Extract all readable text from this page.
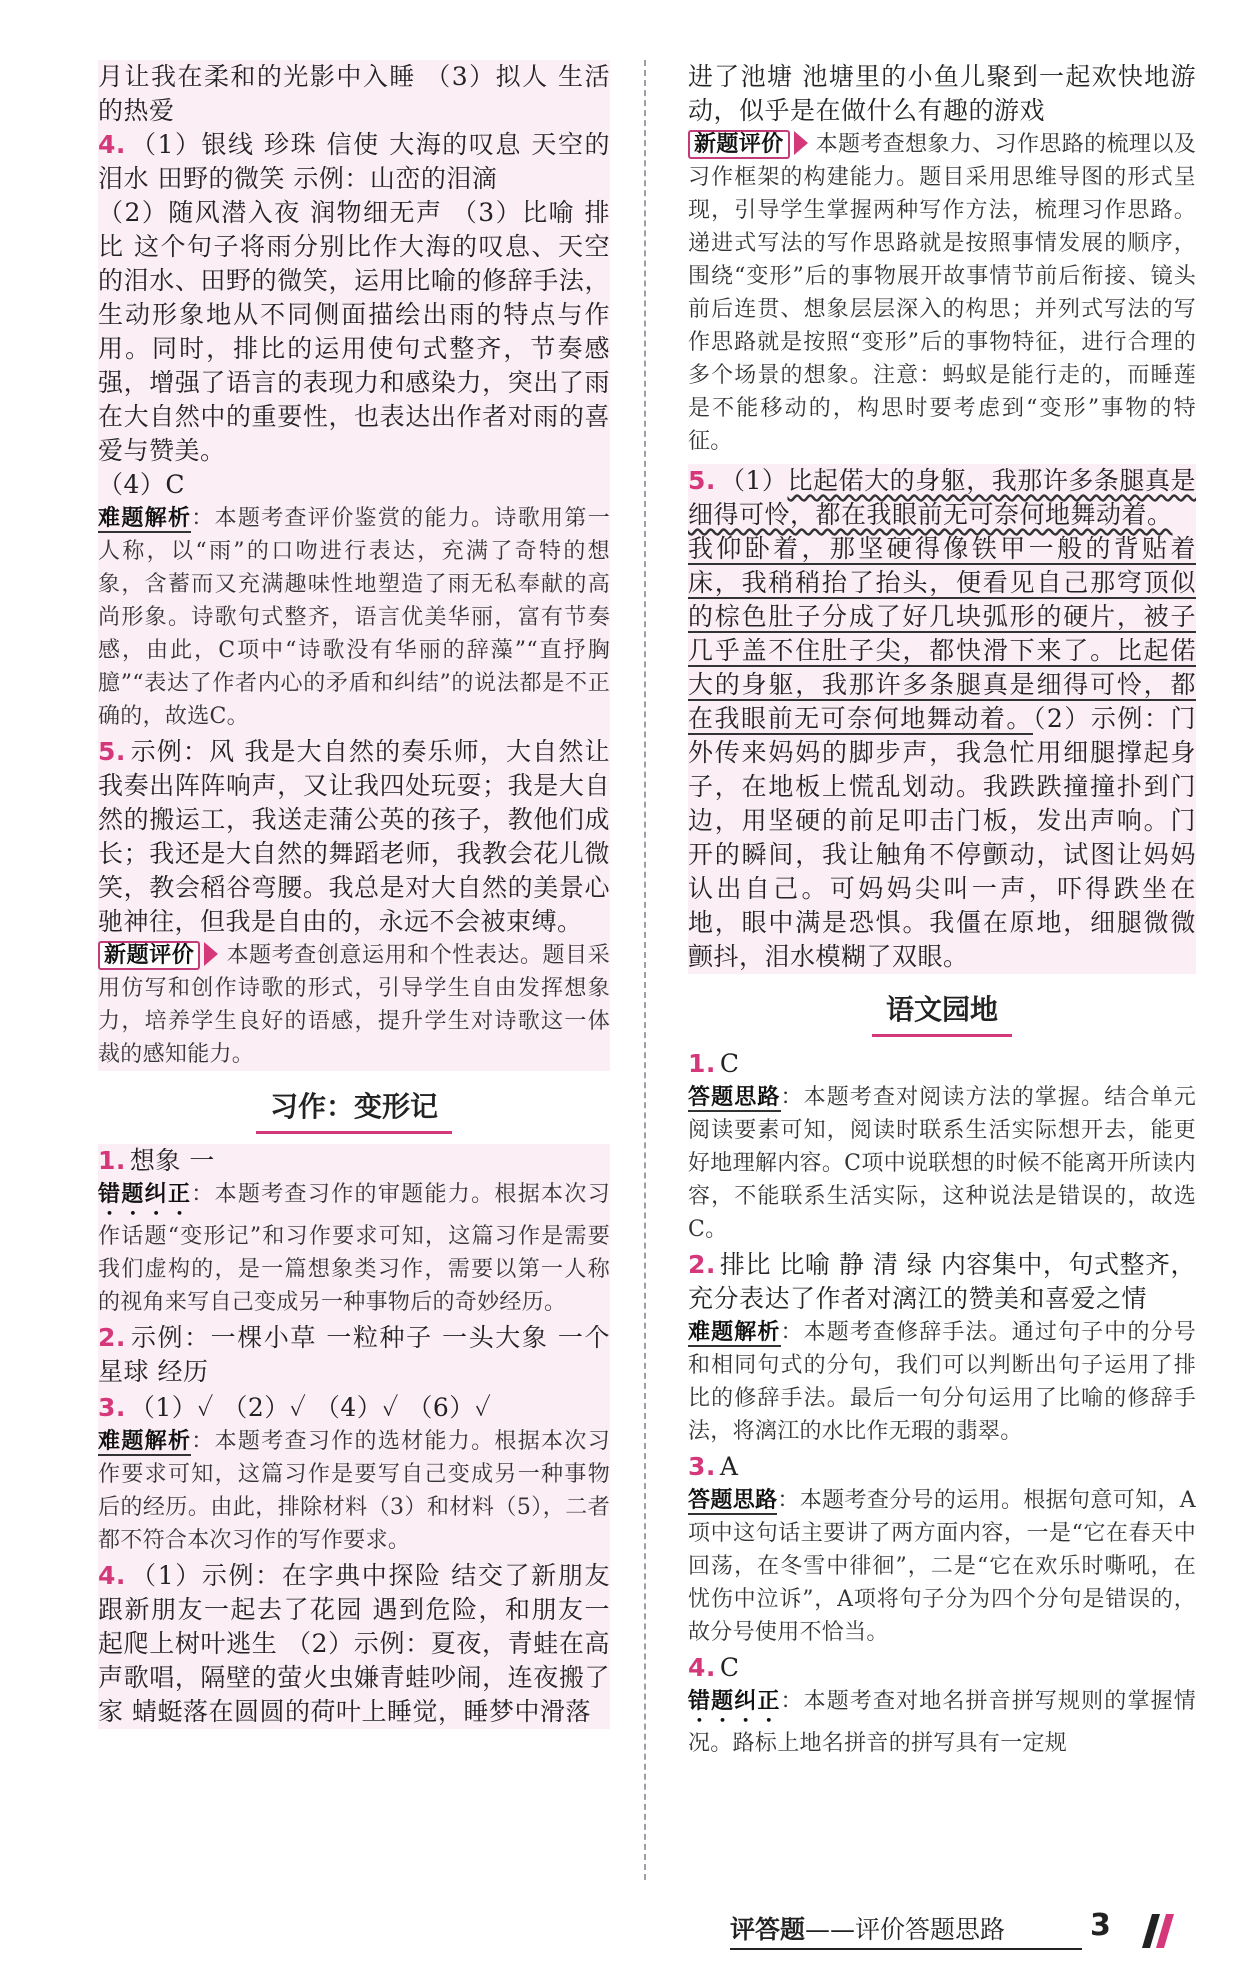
月让我在柔和的光影中入睡 （3）拟人 生活的热爱

4. （1）银线 珍珠 信使 大海的叹息 天空的泪水 田野的微笑 示例：山峦的泪滴

（2）随风潜入夜 润物细无声 （3）比喻 排比 这个句子将雨分别比作大海的叹息、天空的泪水、田野的微笑，运用比喻的修辞手法，生动形象地从不同侧面描绘出雨的特点与作用。同时，排比的运用使句式整齐，节奏感强，增强了语言的表现力和感染力，突出了雨在大自然中的重要性，也表达出作者对雨的喜爱与赞美。

（4）C

难题解析：本题考查评价鉴赏的能力。诗歌用第一人称，以“雨”的口吻进行表达，充满了奇特的想象，含蓄而又充满趣味性地塑造了雨无私奉献的高尚形象。诗歌句式整齐，语言优美华丽，富有节奏感，由此，C项中“诗歌没有华丽的辞藻”“直抒胸臆”“表达了作者内心的矛盾和纠结”的说法都是不正确的，故选C。

5. 示例：风 我是大自然的奏乐师，大自然让我奏出阵阵响声，又让我四处玩耍；我是大自然的搬运工，我送走蒲公英的孩子，教他们成长；我还是大自然的舞蹈老师，我教会花儿微笑，教会稻谷弯腰。我总是对大自然的美景心驰神往，但我是自由的，永远不会被束缚。

新题评价 本题考查创意运用和个性表达。题目采用仿写和创作诗歌的形式，引导学生自由发挥想象力，培养学生良好的语感，提升学生对诗歌这一体裁的感知能力。

习作：变形记

1. 想象 一

错题纠正：本题考查习作的审题能力。根据本次习作话题“变形记”和习作要求可知，这篇习作是需要我们虚构的，是一篇想象类习作，需要以第一人称的视角来写自己变成另一种事物后的奇妙经历。

2. 示例：一棵小草 一粒种子 一头大象 一个星球 经历

3. （1）✓ （2）✓ （4）✓ （6）✓

难题解析：本题考查习作的选材能力。根据本次习作要求可知，这篇习作是要写自己变成另一种事物后的经历。由此，排除材料（3）和材料（5），二者都不符合本次习作的写作要求。

4. （1）示例：在字典中探险 结交了新朋友 跟新朋友一起去了花园 遇到危险，和朋友一起爬上树叶逃生 （2）示例：夏夜，青蛙在高声歌唱，隔壁的萤火虫嫌青蛙吵闹，连夜搬了家 蜻蜓落在圆圆的荷叶上睡觉，睡梦中滑落

进了池塘 池塘里的小鱼儿聚到一起欢快地游动，似乎是在做什么有趣的游戏

新题评价 本题考查想象力、习作思路的梳理以及习作框架的构建能力。题目采用思维导图的形式呈现，引导学生掌握两种写作方法，梳理习作思路。递进式写法的写作思路就是按照事情发展的顺序，围绕“变形”后的事物展开故事情节前后衔接、镜头前后连贯、想象层层深入的构思；并列式写法的写作思路就是按照“变形”后的事物特征，进行合理的多个场景的想象。注意：蚂蚁是能行走的，而睡莲是不能移动的，构思时要考虑到“变形”事物的特征。

5. （1）比起偌大的身躯，我那许多条腿真是细得可怜，都在我眼前无可奈何地舞动着。

我仰卧着，那坚硬得像铁甲一般的背贴着床，我稍稍抬了抬头，便看见自己那穹顶似的棕色肚子分成了好几块弧形的硬片，被子几乎盖不住肚子尖，都快滑下来了。比起偌大的身躯，我那许多条腿真是细得可怜，都在我眼前无可奈何地舞动着。（2）示例：门外传来妈妈的脚步声，我急忙用细腿撑起身子，在地板上慌乱划动。我跌跌撞撞扑到门边，用坚硬的前足叩击门板，发出声响。门开的瞬间，我让触角不停颤动，试图让妈妈认出自己。可妈妈尖叫一声，吓得跌坐在地，眼中满是恐惧。我僵在原地，细腿微微颤抖，泪水模糊了双眼。

语文园地

1. C

答题思路：本题考查对阅读方法的掌握。结合单元阅读要素可知，阅读时联系生活实际想开去，能更好地理解内容。C项中说联想的时候不能离开所读内容，不能联系生活实际，这种说法是错误的，故选C。

2. 排比 比喻 静 清 绿 内容集中，句式整齐，充分表达了作者对漓江的赞美和喜爱之情

难题解析：本题考查修辞手法。通过句子中的分号和相同句式的分句，我们可以判断出句子运用了排比的修辞手法。最后一句分句运用了比喻的修辞手法，将漓江的水比作无瑕的翡翠。

3. A

答题思路：本题考查分号的运用。根据句意可知，A项中这句话主要讲了两方面内容，一是“它在春天中回荡，在冬雪中徘徊”，二是“它在欢乐时嘶吼，在忧伤中泣诉”，A项将句子分为四个分句是错误的，故分号使用不恰当。

4. C

错题纠正：本题考查对地名拼音拼写规则的掌握情况。路标上地名拼音的拼写具有一定规

评答题——评价答题思路	3
